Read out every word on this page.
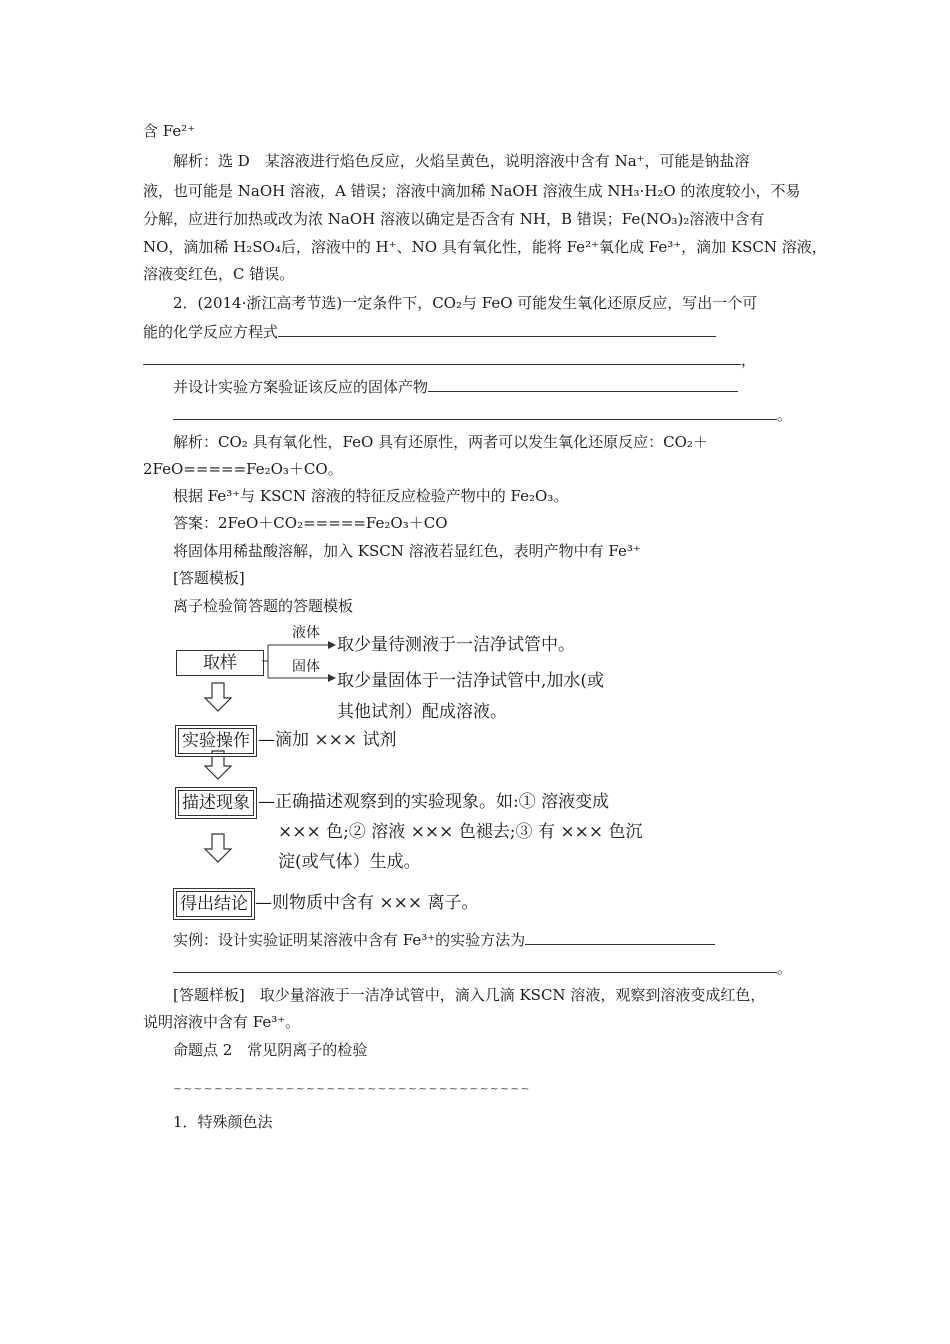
含 Fe²⁺
解析：选 D　某溶液进行焰色反应，火焰呈黄色，说明溶液中含有 Na⁺，可能是钠盐溶
液，也可能是 NaOH 溶液，A 错误；溶液中滴加稀 NaOH 溶液生成 NH₃·H₂O 的浓度较小，不易
分解，应进行加热或改为浓 NaOH 溶液以确定是否含有 NH，B 错误；Fe(NO₃)₂溶液中含有
NO，滴加稀 H₂SO₄后，溶液中的 H⁺、NO 具有氧化性，能将 Fe²⁺氧化成 Fe³⁺，滴加 KSCN 溶液，
溶液变红色，C 错误。
2．(2014·浙江高考节选)一定条件下，CO₂与 FeO 可能发生氧化还原反应，写出一个可
能的化学反应方程式
，
并设计实验方案验证该反应的固体产物
。
解析：CO₂ 具有氧化性，FeO 具有还原性，两者可以发生氧化还原反应：CO₂＋
2FeO=====Fe₂O₃＋CO。
根据 Fe³⁺与 KSCN 溶液的特征反应检验产物中的 Fe₂O₃。
答案：2FeO＋CO₂=====Fe₂O₃＋CO
将固体用稀盐酸溶解，加入 KSCN 溶液若显红色，表明产物中有 Fe³⁺
[答题模板]
离子检验简答题的答题模板
取样
液体
固体
取少量待测液于一洁净试管中。
取少量固体于一洁净试管中,加水(或
其他试剂）配成溶液。
实验操作 —滴加 ××× 试剂
描述现象 —正确描述观察到的实验现象。如:① 溶液变成
××× 色;② 溶液 ××× 色褪去;③ 有 ××× 色沉
淀(或气体）生成。
得出结论 —则物质中含有 ××× 离子。
实例：设计实验证明某溶液中含有 Fe³⁺的实验方法为
。
[答题样板]　取少量溶液于一洁净试管中，滴入几滴 KSCN 溶液，观察到溶液变成红色，
说明溶液中含有 Fe³⁺。
命题点 2　常见阴离子的检验
~~~~~~~~~~~~~~~~~~~~~~~~~~~~~~~~~~~
1．特殊颜色法
